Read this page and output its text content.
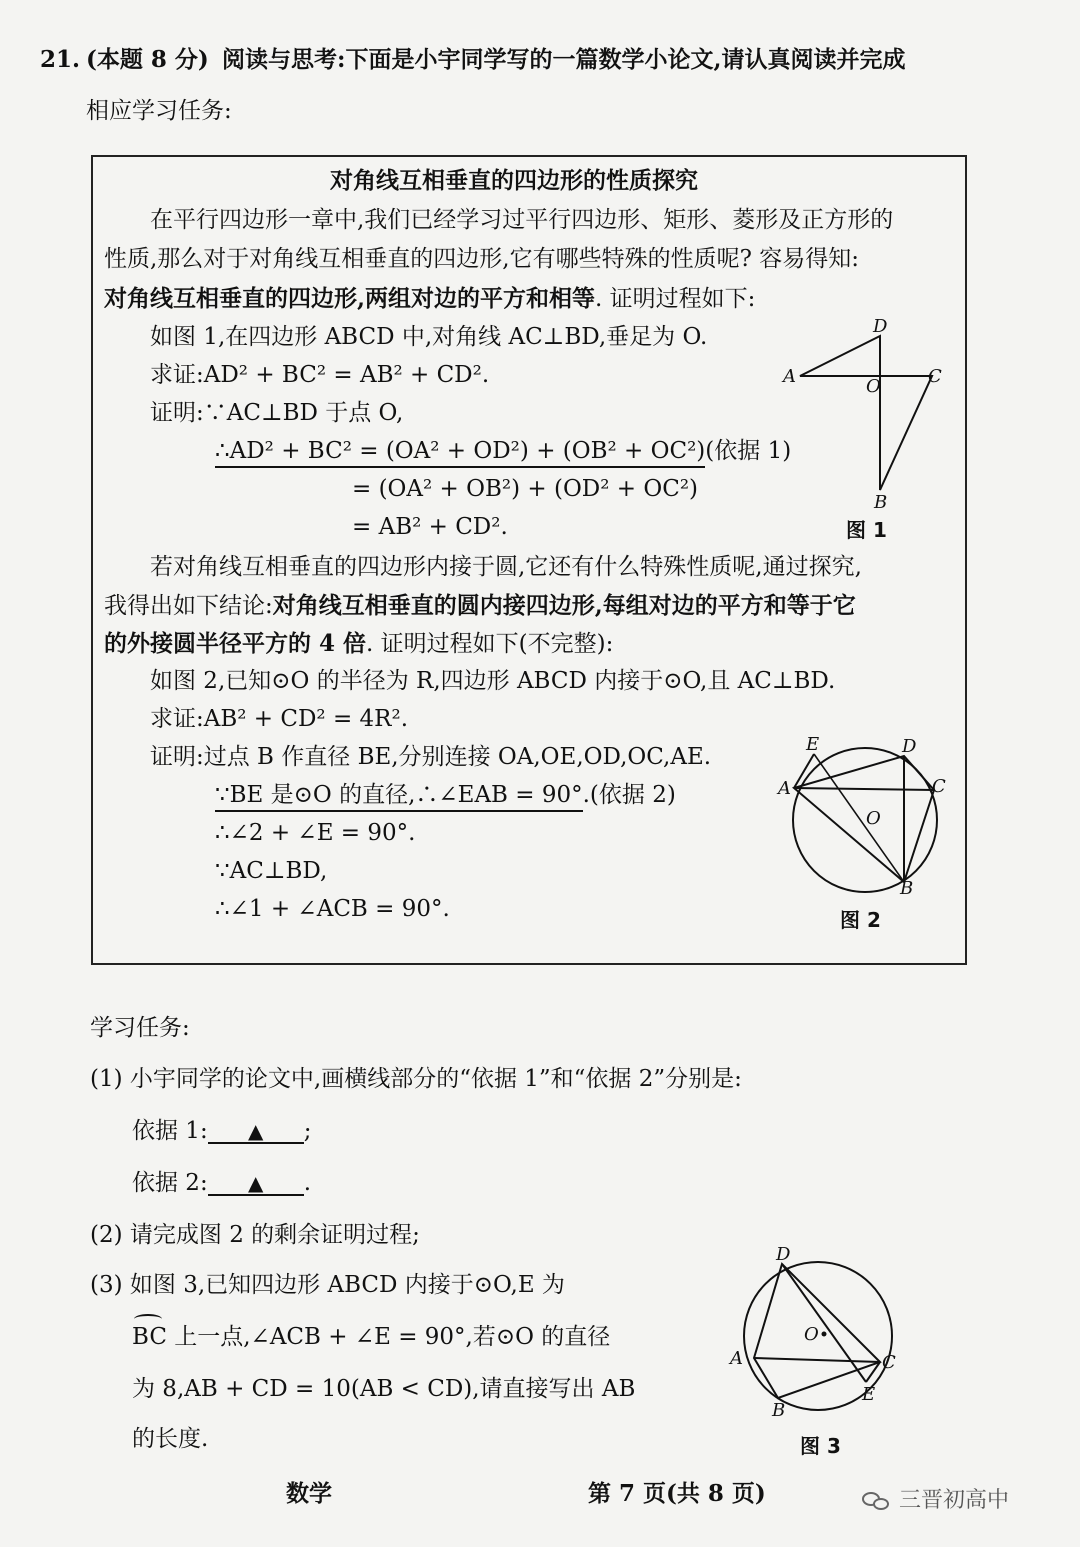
21. (本题 8 分) 阅读与思考:下面是小宇同学写的一篇数学小论文,请认真阅读并完成
相应学习任务:
对角线互相垂直的四边形的性质探究
在平行四边形一章中,我们已经学习过平行四边形、矩形、菱形及正方形的
性质,那么对于对角线互相垂直的四边形,它有哪些特殊的性质呢? 容易得知:
对角线互相垂直的四边形,两组对边的平方和相等. 证明过程如下:
如图 1,在四边形 ABCD 中,对角线 AC⊥BD,垂足为 O.
求证:AD² + BC² = AB² + CD².
证明:∵AC⊥BD 于点 O,
∴AD² + BC² = (OA² + OD²) + (OB² + OC²)(依据 1)
= (OA² + OB²) + (OD² + OC²)
= AB² + CD².
D
A	C
O
B
图 1
若对角线互相垂直的四边形内接于圆,它还有什么特殊性质呢,通过探究,
我得出如下结论:对角线互相垂直的圆内接四边形,每组对边的平方和等于它
的外接圆半径平方的 4 倍. 证明过程如下(不完整):
如图 2,已知⊙O 的半径为 R,四边形 ABCD 内接于⊙O,且 AC⊥BD.
求证:AB² + CD² = 4R².
证明:过点 B 作直径 BE,分别连接 OA,OE,OD,OC,AE.
∵BE 是⊙O 的直径,∴∠EAB = 90°.(依据 2)
∴∠2 + ∠E = 90°.
∵AC⊥BD,
∴∠1 + ∠ACB = 90°.
E	D
A	C
O
B
图 2
学习任务:
(1) 小宇同学的论文中,画横线部分的“依据 1”和“依据 2”分别是:
依据 1: ▲ ;
依据 2: ▲ .
(2) 请完成图 2 的剩余证明过程;
(3) 如图 3,已知四边形 ABCD 内接于⊙O,E 为
BC 上一点,∠ACB + ∠E = 90°,若⊙O 的直径
为 8,AB + CD = 10(AB < CD),请直接写出 AB
的长度.
D
A	C
E
B
O
图 3
数学	第 7 页(共 8 页)	三晋初高中
